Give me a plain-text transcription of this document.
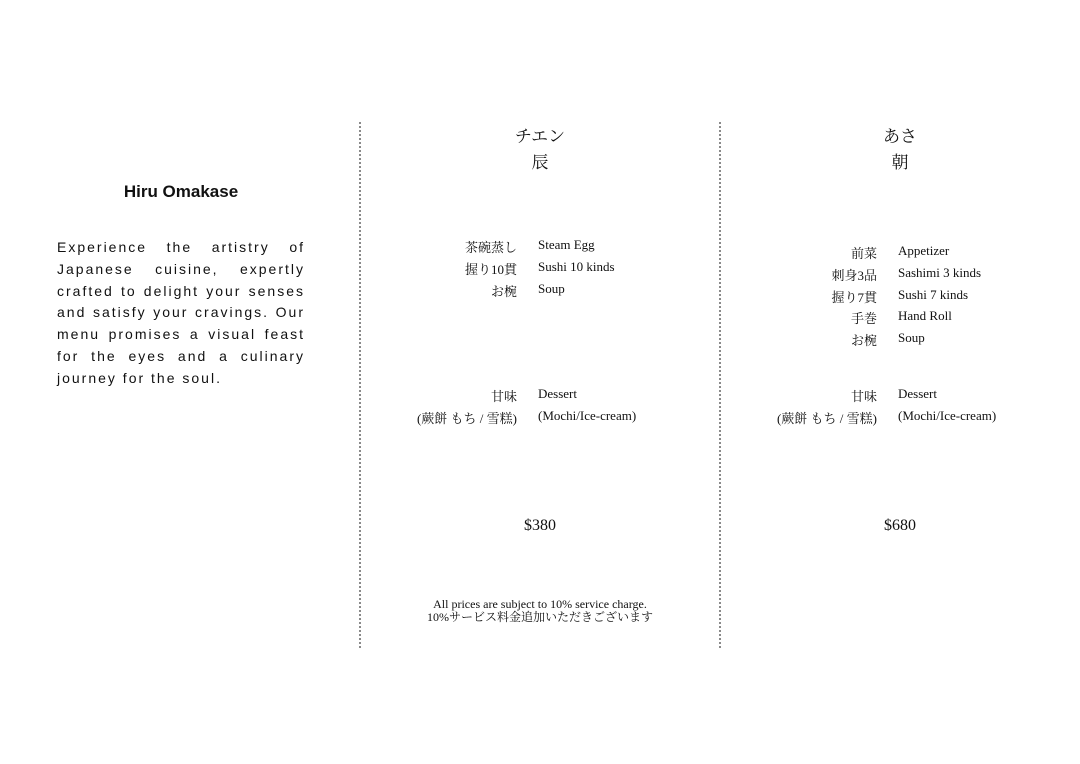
Hiru Omakase

Experience the artistry of Japanese cuisine, expertly crafted to delight your senses and satisfy your cravings. Our menu promises a visual feast for the eyes and a culinary journey for the soul.

チエン
辰
茶碗蒸し Steam Egg
握り10貫 Sushi 10 kinds
お椀 Soup
甘味 Dessert
(蕨餅 もち / 雪糕) (Mochi/Ice-cream)
$380
All prices are subject to 10% service charge.
10%サービス料金追加いただきございます
あさ
朝
前菜 Appetizer
刺身3品 Sashimi 3 kinds
握り7貫 Sushi 7 kinds
手巻 Hand Roll
お椀 Soup
甘味 Dessert
(蕨餅 もち / 雪糕) (Mochi/Ice-cream)
$680
